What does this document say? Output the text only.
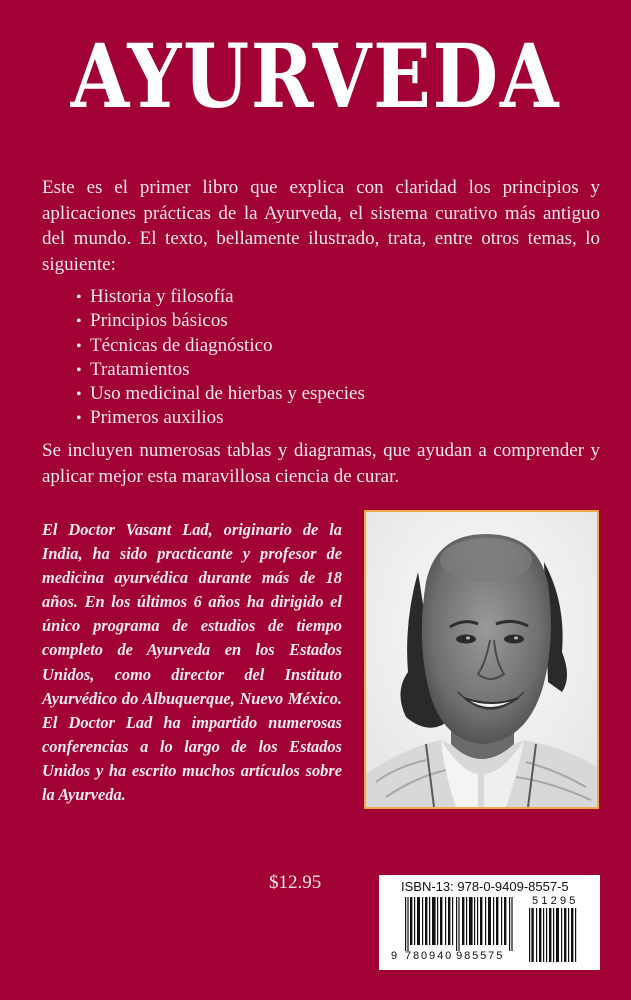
AYURVEDA

Este es el primer libro que explica con claridad los principios y aplicaciones prácticas de la Ayurveda, el sistema curativo más antiguo del mundo. El texto, bellamente ilustrado, trata, entre otros temas, lo siguiente:

• Historia y filosofía
• Principios básicos
• Técnicas de diagnóstico
• Tratamientos
• Uso medicinal de hierbas y especies
• Primeros auxilios

Se incluyen numerosas tablas y diagramas, que ayudan a comprender y aplicar mejor esta maravillosa ciencia de curar.

El Doctor Vasant Lad, originario de la India, ha sido practicante y profesor de medicina ayurvédica durante más de 18 años. En los últimos 6 años ha dirigido el único programa de estudios de tiempo completo de Ayurveda en los Estados Unidos, como director del Instituto Ayurvédico do Albuquerque, Nuevo México. El Doctor Lad ha impartido numerosas conferencias a lo largo de los Estados Unidos y ha escrito muchos artículos sobre la Ayurveda.

$12.95	ISBN-13: 978-0-9409-8557-5
51295
9 780940 985575
